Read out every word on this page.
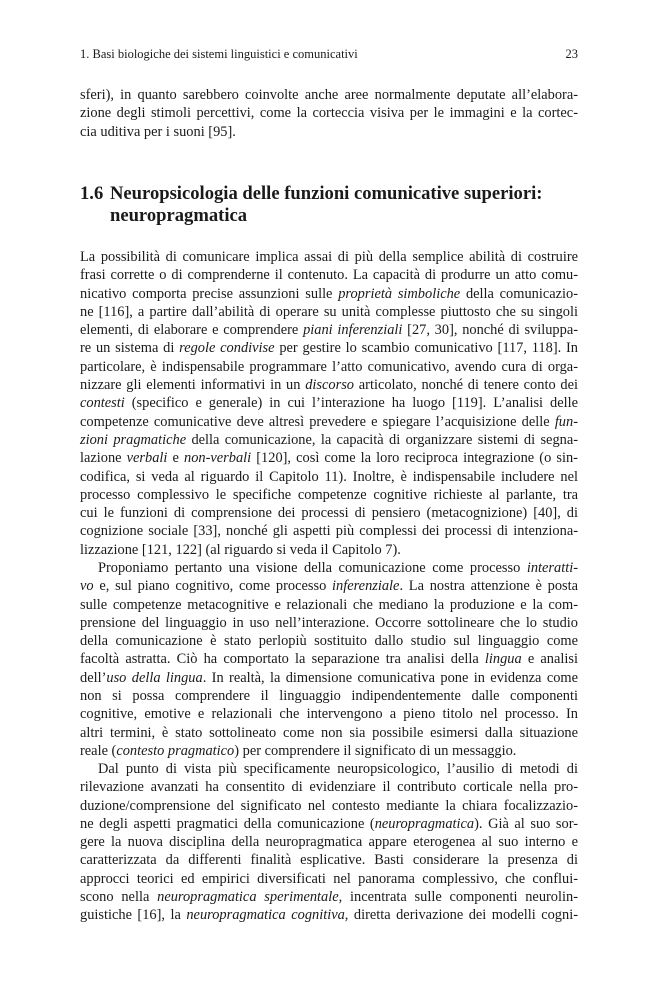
1. Basi biologiche dei sistemi linguistici e comunicativi	23
sferi), in quanto sarebbero coinvolte anche aree normalmente deputate all’elabora-
zione degli stimoli percettivi, come la corteccia visiva per le immagini e la cortec-
cia uditiva per i suoni [95].
1.6 Neuropsicologia delle funzioni comunicative superiori:
neuropragmatica
La possibilità di comunicare implica assai di più della semplice abilità di costruire
frasi corrette o di comprenderne il contenuto. La capacità di produrre un atto comu-
nicativo comporta precise assunzioni sulle proprietà simboliche della comunicazio-
ne [116], a partire dall’abilità di operare su unità complesse piuttosto che su singoli
elementi, di elaborare e comprendere piani inferenziali [27, 30], nonché di sviluppa-
re un sistema di regole condivise per gestire lo scambio comunicativo [117, 118]. In
particolare, è indispensabile programmare l’atto comunicativo, avendo cura di orga-
nizzare gli elementi informativi in un discorso articolato, nonché di tenere conto dei
contesti (specifico e generale) in cui l’interazione ha luogo [119]. L’analisi delle
competenze comunicative deve altresì prevedere e spiegare l’acquisizione delle fun-
zioni pragmatiche della comunicazione, la capacità di organizzare sistemi di segna-
lazione verbali e non-verbali [120], così come la loro reciproca integrazione (o sin-
codifica, si veda al riguardo il Capitolo 11). Inoltre, è indispensabile includere nel
processo complessivo le specifiche competenze cognitive richieste al parlante, tra
cui le funzioni di comprensione dei processi di pensiero (metacognizione) [40], di
cognizione sociale [33], nonché gli aspetti più complessi dei processi di intenziona-
lizzazione [121, 122] (al riguardo si veda il Capitolo 7).
Proponiamo pertanto una visione della comunicazione come processo interatti-
vo e, sul piano cognitivo, come processo inferenziale. La nostra attenzione è posta
sulle competenze metacognitive e relazionali che mediano la produzione e la com-
prensione del linguaggio in uso nell’interazione. Occorre sottolineare che lo studio
della comunicazione è stato perlopiù sostituito dallo studio sul linguaggio come
facoltà astratta. Ciò ha comportato la separazione tra analisi della lingua e analisi
dell’uso della lingua. In realtà, la dimensione comunicativa pone in evidenza come
non si possa comprendere il linguaggio indipendentemente dalle componenti
cognitive, emotive e relazionali che intervengono a pieno titolo nel processo. In
altri termini, è stato sottolineato come non sia possibile esimersi dalla situazione
reale (contesto pragmatico) per comprendere il significato di un messaggio.
Dal punto di vista più specificamente neuropsicologico, l’ausilio di metodi di
rilevazione avanzati ha consentito di evidenziare il contributo corticale nella pro-
duzione/comprensione del significato nel contesto mediante la chiara focalizzazio-
ne degli aspetti pragmatici della comunicazione (neuropragmatica). Già al suo sor-
gere la nuova disciplina della neuropragmatica appare eterogenea al suo interno e
caratterizzata da differenti finalità esplicative. Basti considerare la presenza di
approcci teorici ed empirici diversificati nel panorama complessivo, che conflui-
scono nella neuropragmatica sperimentale, incentrata sulle componenti neurolin-
guistiche [16], la neuropragmatica cognitiva, diretta derivazione dei modelli cogni-
